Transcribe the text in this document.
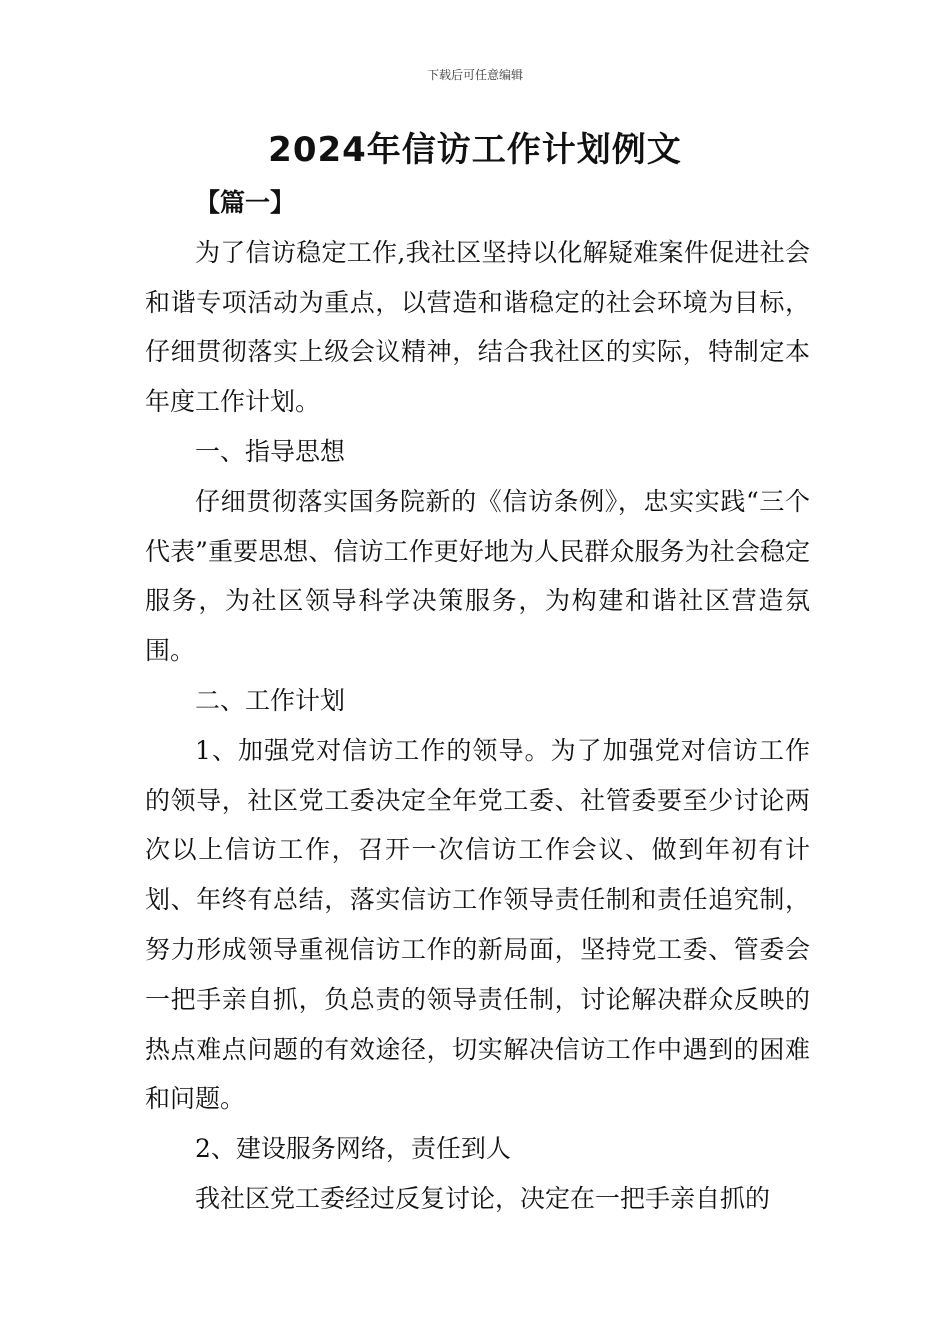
下载后可任意编辑
2024年信访工作计划例文

【篇一】

为了信访稳定工作,我社区坚持以化解疑难案件促进社会和谐专项活动为重点，以营造和谐稳定的社会环境为目标，仔细贯彻落实上级会议精神，结合我社区的实际，特制定本年度工作计划。

一、指导思想

仔细贯彻落实国务院新的《信访条例》，忠实实践“三个代表”重要思想、信访工作更好地为人民群众服务为社会稳定服务，为社区领导科学决策服务，为构建和谐社区营造氛围。

二、工作计划

1、加强党对信访工作的领导。为了加强党对信访工作的领导，社区党工委决定全年党工委、社管委要至少讨论两次以上信访工作，召开一次信访工作会议、做到年初有计划、年终有总结，落实信访工作领导责任制和责任追究制，努力形成领导重视信访工作的新局面，坚持党工委、管委会一把手亲自抓，负总责的领导责任制，讨论解决群众反映的热点难点问题的有效途径，切实解决信访工作中遇到的困难和问题。

2、建设服务网络，责任到人

我社区党工委经过反复讨论，决定在一把手亲自抓的
